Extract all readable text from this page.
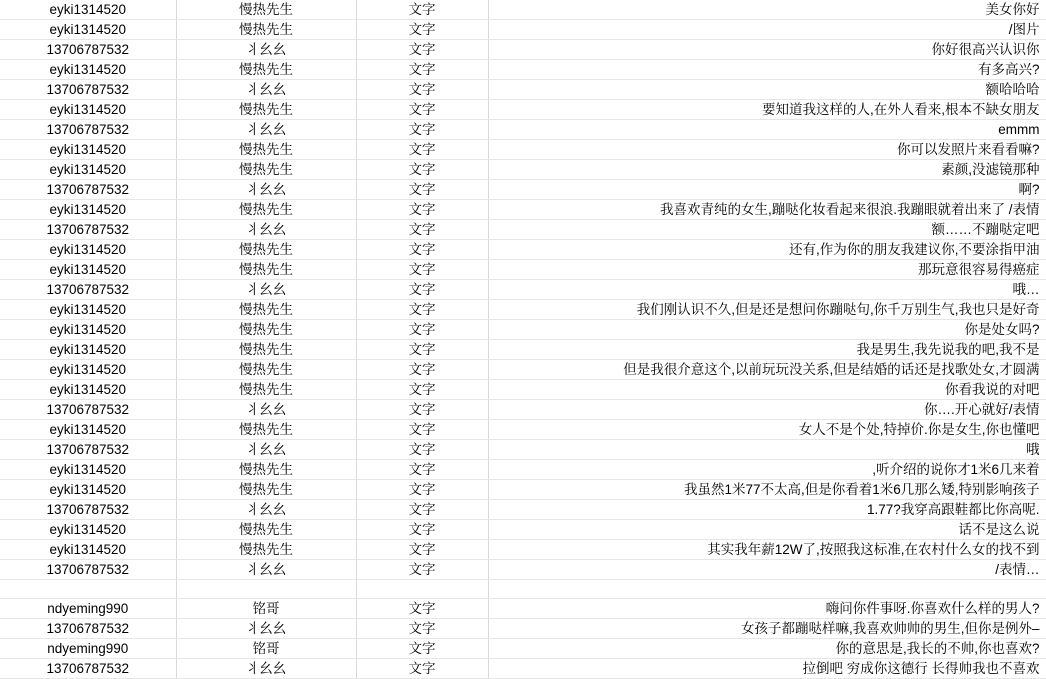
eyki1314520	慢热先生	文字	美女你好
eyki1314520	慢热先生	文字	/图片
13706787532	丬幺幺	文字	你好很高兴认识你
eyki1314520	慢热先生	文字	有多高兴?
13706787532	丬幺幺	文字	额哈哈哈
eyki1314520	慢热先生	文字	要知道我这样的人,在外人看来,根本不缺女朋友
13706787532	丬幺幺	文字	emmm
eyki1314520	慢热先生	文字	你可以发照片来看看嘛?
eyki1314520	慢热先生	文字	素颜,没滤镜那种
13706787532	丬幺幺	文字	啊?
eyki1314520	慢热先生	文字	我喜欢青纯的女生,蹦哒化妆看起来很浪.我蹦眼就着出来了 /表情
13706787532	丬幺幺	文字	额……不蹦哒定吧
eyki1314520	慢热先生	文字	还有,作为你的朋友我建议你,不要涂指甲油
eyki1314520	慢热先生	文字	那玩意很容易得癌症
13706787532	丬幺幺	文字	哦…
eyki1314520	慢热先生	文字	我们刚认识不久,但是还是想问你蹦哒句,你千万别生气,我也只是好奇
eyki1314520	慢热先生	文字	你是处女吗?
eyki1314520	慢热先生	文字	我是男生,我先说我的吧,我不是
eyki1314520	慢热先生	文字	但是我很介意这个,以前玩玩没关系,但是结婚的话还是找歌处女,才圆满
eyki1314520	慢热先生	文字	你看我说的对吧
13706787532	丬幺幺	文字	你….开心就好/表情
eyki1314520	慢热先生	文字	女人不是个处,特掉价.你是女生,你也懂吧
13706787532	丬幺幺	文字	哦
eyki1314520	慢热先生	文字	,听介绍的说你才1米6几来着
eyki1314520	慢热先生	文字	我虽然1米77不太高,但是你看着1米6几那么矮,特别影响孩子
13706787532	丬幺幺	文字	1.77?我穿高跟鞋都比你高呢.
eyki1314520	慢热先生	文字	话不是这么说
eyki1314520	慢热先生	文字	其实我年薪12W了,按照我这标准,在农村什么女的找不到
13706787532	丬幺幺	文字	/表情…

ndyeming990	铭哥	文字	嗨问你件事呀.你喜欢什么样的男人?
13706787532	丬幺幺	文字	女孩子都蹦哒样嘛,我喜欢帅帅的男生,但你是例外–
ndyeming990	铭哥	文字	你的意思是,我长的不帅,你也喜欢?
13706787532	丬幺幺	文字	拉倒吧 穷成你这德行 长得帅我也不喜欢
